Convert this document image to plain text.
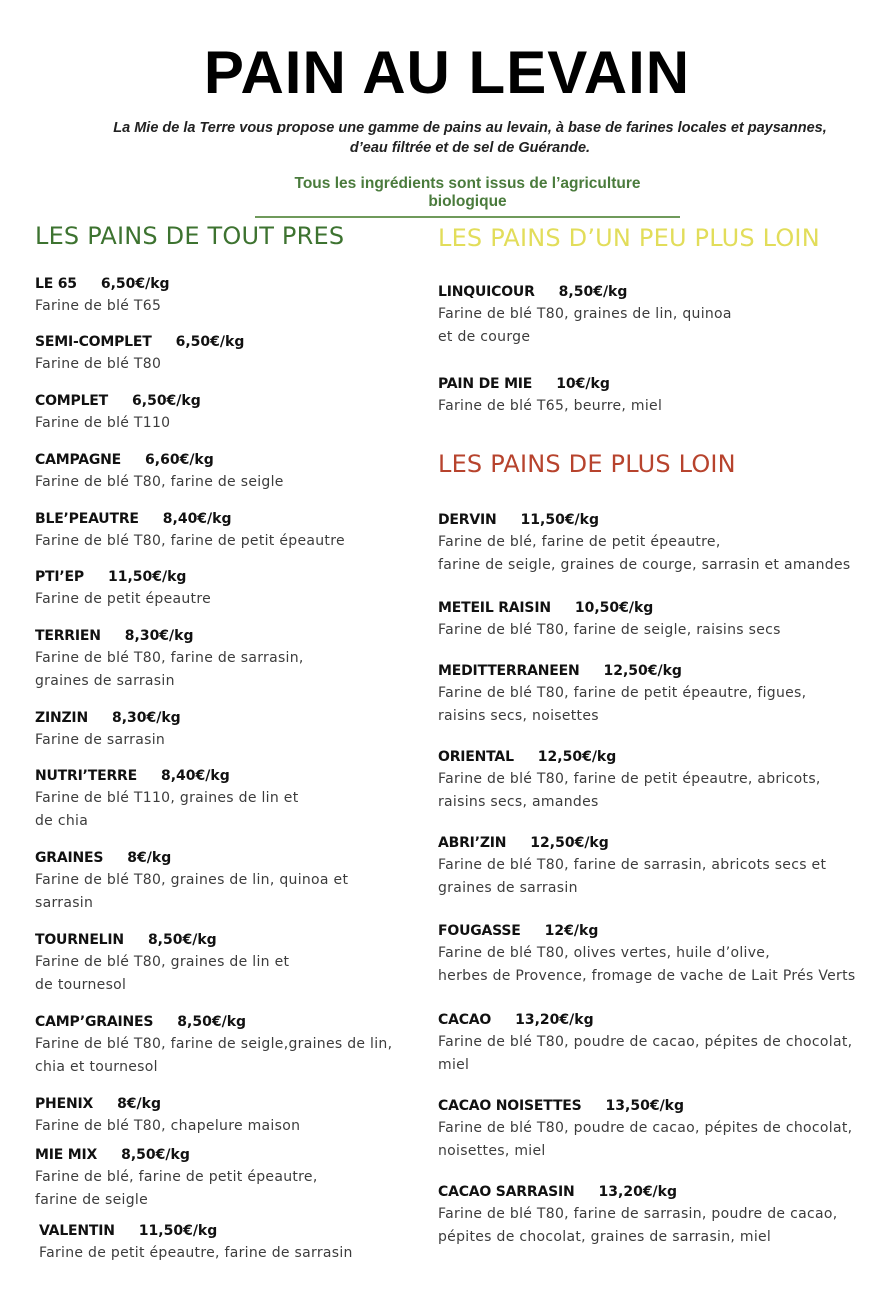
PAIN AU LEVAIN
La Mie de la Terre vous propose une gamme de pains au levain, à base de farines locales et paysannes,
d’eau filtrée et de sel de Guérande.
Tous les ingrédients sont issus de l’agriculture biologique
LES PAINS DE TOUT PRES	LES PAINS D’UN PEU PLUS LOIN
LES PAINS DE PLUS LOIN
LE 65 6,50€/kg
Farine de blé T65
SEMI-COMPLET 6,50€/kg
Farine de blé T80
COMPLET 6,50€/kg
Farine de blé T110
CAMPAGNE 6,60€/kg
Farine de blé T80, farine de seigle
BLE’PEAUTRE 8,40€/kg
Farine de blé T80, farine de petit épeautre
PTI’EP 11,50€/kg
Farine de petit épeautre
TERRIEN 8,30€/kg
Farine de blé T80, farine de sarrasin,
graines de sarrasin
ZINZIN 8,30€/kg
Farine de sarrasin
NUTRI’TERRE 8,40€/kg
Farine de blé T110, graines de lin et
de chia
GRAINES 8€/kg
Farine de blé T80, graines de lin, quinoa et
sarrasin
TOURNELIN 8,50€/kg
Farine de blé T80, graines de lin et
de tournesol
CAMP’GRAINES 8,50€/kg
Farine de blé T80, farine de seigle,graines de lin,
chia et tournesol
PHENIX 8€/kg
Farine de blé T80, chapelure maison
MIE MIX 8,50€/kg
Farine de blé, farine de petit épeautre,
farine de seigle
VALENTIN 11,50€/kg
Farine de petit épeautre, farine de sarrasin
LINQUICOUR 8,50€/kg
Farine de blé T80, graines de lin, quinoa
et de courge
PAIN DE MIE 10€/kg
Farine de blé T65, beurre, miel
DERVIN 11,50€/kg
Farine de blé, farine de petit épeautre,
farine de seigle, graines de courge, sarrasin et amandes
METEIL RAISIN 10,50€/kg
Farine de blé T80, farine de seigle, raisins secs
MEDITTERRANEEN 12,50€/kg
Farine de blé T80, farine de petit épeautre, figues,
raisins secs, noisettes
ORIENTAL 12,50€/kg
Farine de blé T80, farine de petit épeautre, abricots,
raisins secs, amandes
ABRI’ZIN 12,50€/kg
Farine de blé T80, farine de sarrasin, abricots secs et
graines de sarrasin
FOUGASSE 12€/kg
Farine de blé T80, olives vertes, huile d’olive,
herbes de Provence, fromage de vache de Lait Prés Verts
CACAO 13,20€/kg
Farine de blé T80, poudre de cacao, pépites de chocolat,
miel
CACAO NOISETTES 13,50€/kg
Farine de blé T80, poudre de cacao, pépites de chocolat,
noisettes, miel
CACAO SARRASIN 13,20€/kg
Farine de blé T80, farine de sarrasin, poudre de cacao,
pépites de chocolat, graines de sarrasin, miel
